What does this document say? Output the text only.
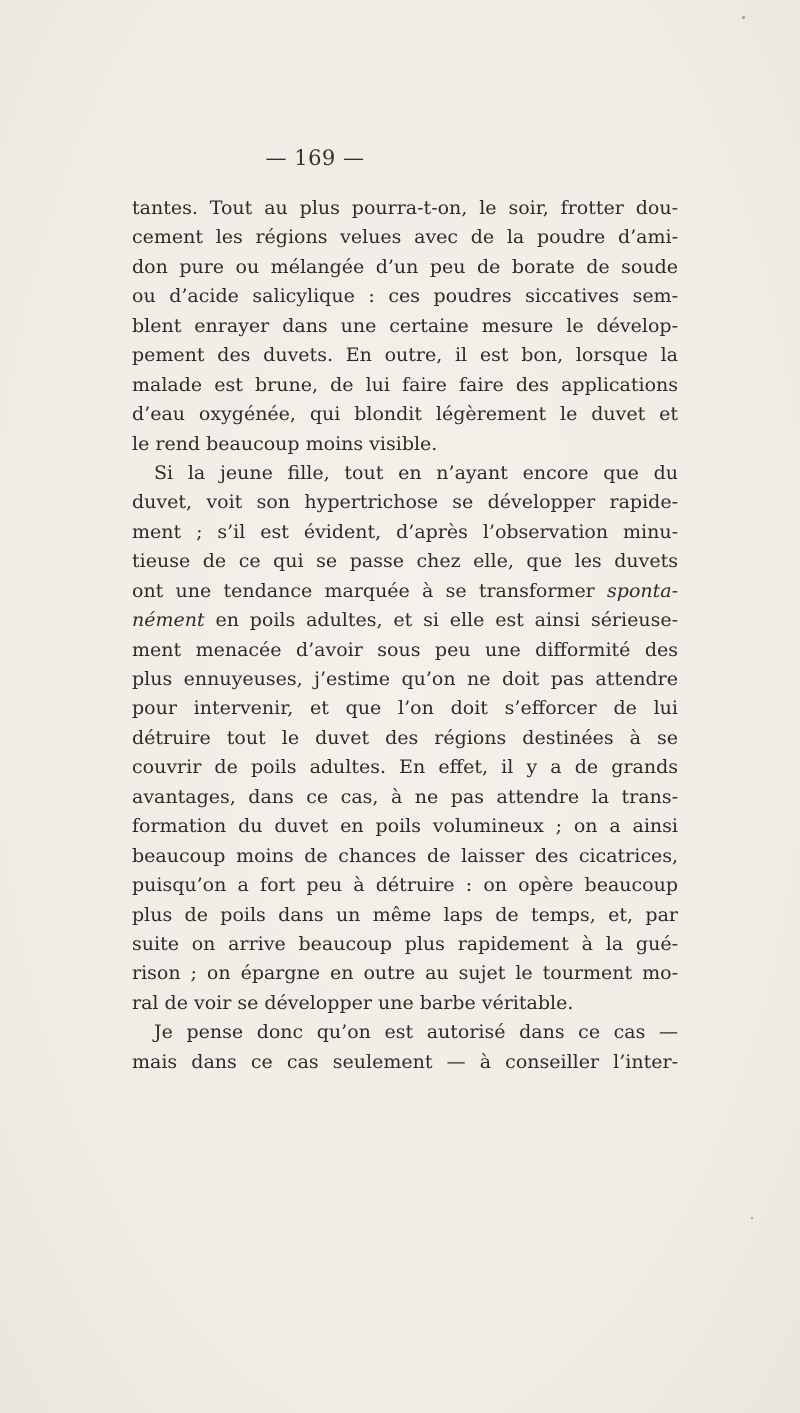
— 169 —
tantes. Tout au plus pourra-t-on, le soir, frotter dou-
cement les régions velues avec de la poudre d’ami-
don pure ou mélangée d’un peu de borate de soude
ou d’acide salicylique : ces poudres siccatives sem-
blent enrayer dans une certaine mesure le dévelop-
pement des duvets. En outre, il est bon, lorsque la
malade est brune, de lui faire faire des applications
d’eau oxygénée, qui blondit légèrement le duvet et
le rend beaucoup moins visible.
Si la jeune fille, tout en n’ayant encore que du
duvet, voit son hypertrichose se développer rapide-
ment ; s’il est évident, d’après l’observation minu-
tieuse de ce qui se passe chez elle, que les duvets
ont une tendance marquée à se transformer sponta-
nément en poils adultes, et si elle est ainsi sérieuse-
ment menacée d’avoir sous peu une difformité des
plus ennuyeuses, j’estime qu’on ne doit pas attendre
pour intervenir, et que l’on doit s’efforcer de lui
détruire tout le duvet des régions destinées à se
couvrir de poils adultes. En effet, il y a de grands
avantages, dans ce cas, à ne pas attendre la trans-
formation du duvet en poils volumineux ; on a ainsi
beaucoup moins de chances de laisser des cicatrices,
puisqu’on a fort peu à détruire : on opère beaucoup
plus de poils dans un même laps de temps, et, par
suite on arrive beaucoup plus rapidement à la gué-
rison ; on épargne en outre au sujet le tourment mo-
ral de voir se développer une barbe véritable.
Je pense donc qu’on est autorisé dans ce cas —
mais dans ce cas seulement — à conseiller l’inter-
